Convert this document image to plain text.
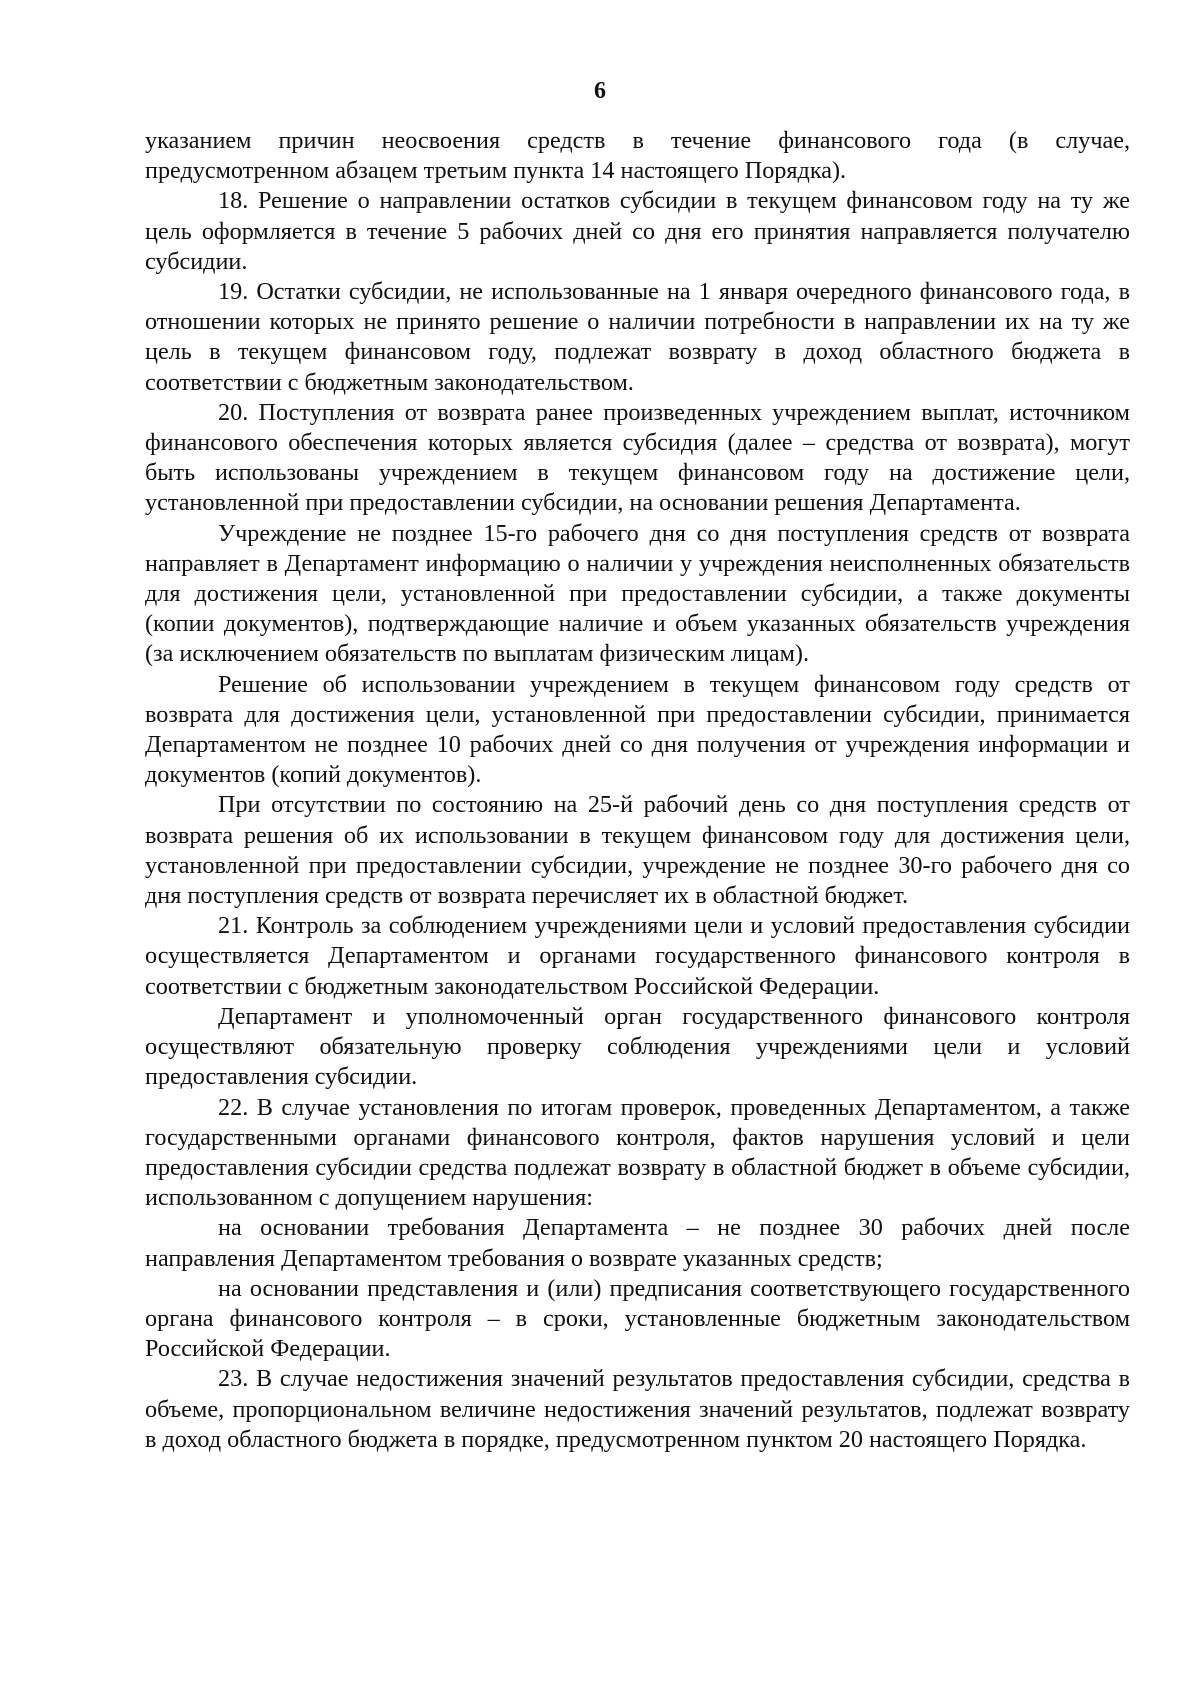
6

указанием причин неосвоения средств в течение финансового года (в случае, предусмотренном абзацем третьим пункта 14 настоящего Порядка).

18. Решение о направлении остатков субсидии в текущем финансовом году на ту же цель оформляется в течение 5 рабочих дней со дня его принятия направляется получателю субсидии.

19. Остатки субсидии, не использованные на 1 января очередного финансового года, в отношении которых не принято решение о наличии потребности в направлении их на ту же цель в текущем финансовом году, подлежат возврату в доход областного бюджета в соответствии с бюджетным законодательством.

20. Поступления от возврата ранее произведенных учреждением выплат, источником финансового обеспечения которых является субсидия (далее – средства от возврата), могут быть использованы учреждением в текущем финансовом году на достижение цели, установленной при предоставлении субсидии, на основании решения Департамента.

Учреждение не позднее 15-го рабочего дня со дня поступления средств от возврата направляет в Департамент информацию о наличии у учреждения неисполненных обязательств для достижения цели, установленной при предоставлении субсидии, а также документы (копии документов), подтверждающие наличие и объем указанных обязательств учреждения (за исключением обязательств по выплатам физическим лицам).

Решение об использовании учреждением в текущем финансовом году средств от возврата для достижения цели, установленной при предоставлении субсидии, принимается Департаментом не позднее 10 рабочих дней со дня получения от учреждения информации и документов (копий документов).

При отсутствии по состоянию на 25-й рабочий день со дня поступления средств от возврата решения об их использовании в текущем финансовом году для достижения цели, установленной при предоставлении субсидии, учреждение не позднее 30-го рабочего дня со дня поступления средств от возврата перечисляет их в областной бюджет.

21. Контроль за соблюдением учреждениями цели и условий предоставления субсидии осуществляется Департаментом и органами государственного финансового контроля в соответствии с бюджетным законодательством Российской Федерации.

Департамент и уполномоченный орган государственного финансового контроля осуществляют обязательную проверку соблюдения учреждениями цели и условий предоставления субсидии.

22. В случае установления по итогам проверок, проведенных Департаментом, а также государственными органами финансового контроля, фактов нарушения условий и цели предоставления субсидии средства подлежат возврату в областной бюджет в объеме субсидии, использованном с допущением нарушения:

на основании требования Департамента – не позднее 30 рабочих дней после направления Департаментом требования о возврате указанных средств;

на основании представления и (или) предписания соответствующего государственного органа финансового контроля – в сроки, установленные бюджетным законодательством Российской Федерации.

23. В случае недостижения значений результатов предоставления субсидии, средства в объеме, пропорциональном величине недостижения значений результатов, подлежат возврату в доход областного бюджета в порядке, предусмотренном пунктом 20 настоящего Порядка.
